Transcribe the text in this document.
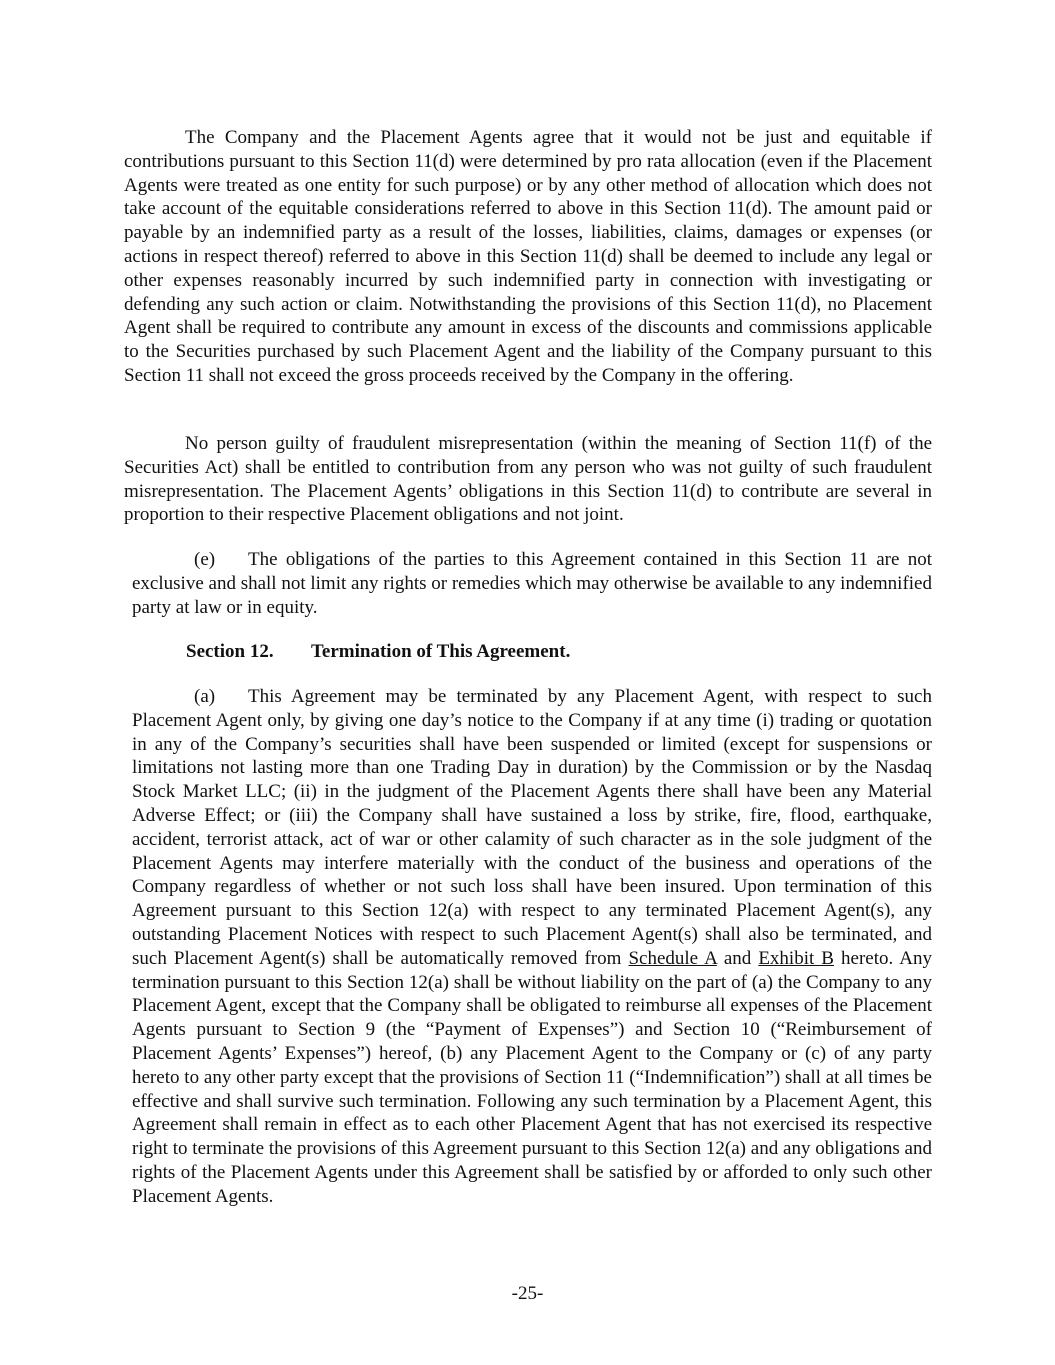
The Company and the Placement Agents agree that it would not be just and equitable if contributions pursuant to this Section 11(d) were determined by pro rata allocation (even if the Placement Agents were treated as one entity for such purpose) or by any other method of allocation which does not take account of the equitable considerations referred to above in this Section 11(d). The amount paid or payable by an indemnified party as a result of the losses, liabilities, claims, damages or expenses (or actions in respect thereof) referred to above in this Section 11(d) shall be deemed to include any legal or other expenses reasonably incurred by such indemnified party in connection with investigating or defending any such action or claim. Notwithstanding the provisions of this Section 11(d), no Placement Agent shall be required to contribute any amount in excess of the discounts and commissions applicable to the Securities purchased by such Placement Agent and the liability of the Company pursuant to this Section 11 shall not exceed the gross proceeds received by the Company in the offering.

No person guilty of fraudulent misrepresentation (within the meaning of Section 11(f) of the Securities Act) shall be entitled to contribution from any person who was not guilty of such fraudulent misrepresentation. The Placement Agents’ obligations in this Section 11(d) to contribute are several in proportion to their respective Placement obligations and not joint.

(e) The obligations of the parties to this Agreement contained in this Section 11 are not exclusive and shall not limit any rights or remedies which may otherwise be available to any indemnified party at law or in equity.

Section 12. Termination of This Agreement.

(a) This Agreement may be terminated by any Placement Agent, with respect to such Placement Agent only, by giving one day’s notice to the Company if at any time (i) trading or quotation in any of the Company’s securities shall have been suspended or limited (except for suspensions or limitations not lasting more than one Trading Day in duration) by the Commission or by the Nasdaq Stock Market LLC; (ii) in the judgment of the Placement Agents there shall have been any Material Adverse Effect; or (iii) the Company shall have sustained a loss by strike, fire, flood, earthquake, accident, terrorist attack, act of war or other calamity of such character as in the sole judgment of the Placement Agents may interfere materially with the conduct of the business and operations of the Company regardless of whether or not such loss shall have been insured. Upon termination of this Agreement pursuant to this Section 12(a) with respect to any terminated Placement Agent(s), any outstanding Placement Notices with respect to such Placement Agent(s) shall also be terminated, and such Placement Agent(s) shall be automatically removed from Schedule A and Exhibit B hereto. Any termination pursuant to this Section 12(a) shall be without liability on the part of (a) the Company to any Placement Agent, except that the Company shall be obligated to reimburse all expenses of the Placement Agents pursuant to Section 9 (the “Payment of Expenses”) and Section 10 (“Reimbursement of Placement Agents’ Expenses”) hereof, (b) any Placement Agent to the Company or (c) of any party hereto to any other party except that the provisions of Section 11 (“Indemnification”) shall at all times be effective and shall survive such termination. Following any such termination by a Placement Agent, this Agreement shall remain in effect as to each other Placement Agent that has not exercised its respective right to terminate the provisions of this Agreement pursuant to this Section 12(a) and any obligations and rights of the Placement Agents under this Agreement shall be satisfied by or afforded to only such other Placement Agents.

-25-
